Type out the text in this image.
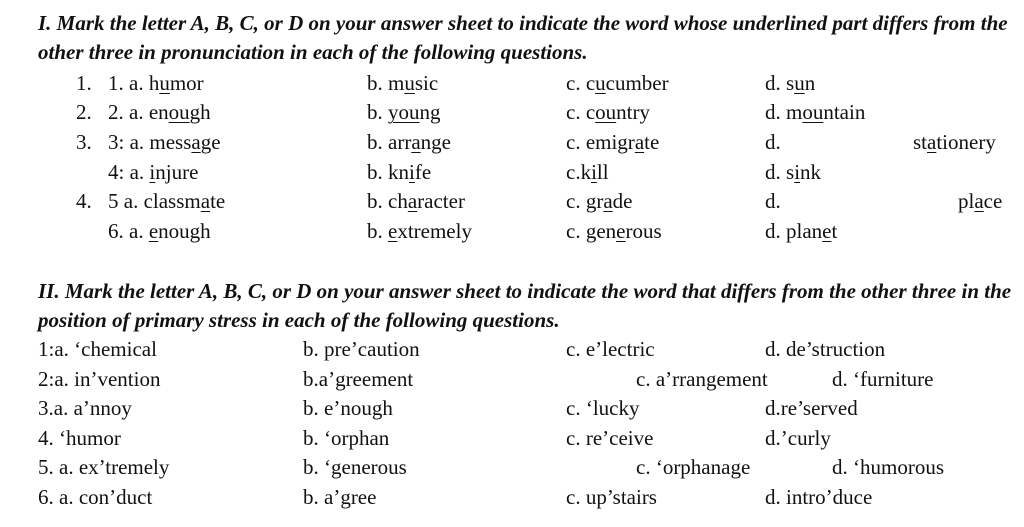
I. Mark the letter A, B, C, or D on your answer sheet to indicate the word whose underlined part differs from the other three in pronunciation in each of the following questions.

1. 1. a. humor	b. music	c. cucumber	d. sun
2. 2. a. enough	b. young	c. country	d. mountain
3. 3: a. message	b. arrange	c. emigrate	d.	stationery
4: a. injure	b. knife	c.kill	d. sink
4. 5 a. classmate	b. character	c. grade	d.	place
6. a. enough	b. extremely	c. generous	d. planet

II. Mark the letter A, B, C, or D on your answer sheet to indicate the word that differs from the other three in the position of primary stress in each of the following questions.

1:a. ‘chemical	b. pre’caution	c. e’lectric	d. de’struction
2:a. in’vention	b.a’greement	c. a’rrangement	d. ‘furniture
3.a. a’nnoy	b. e’nough	c. ‘lucky	d.re’served
4. ‘humor	b. ‘orphan	c. re’ceive	d.’curly
5. a. ex’tremely	b. ‘generous	c. ‘orphanage	d. ‘humorous
6. a. con’duct	b. a’gree	c. up’stairs	d. intro’duce
